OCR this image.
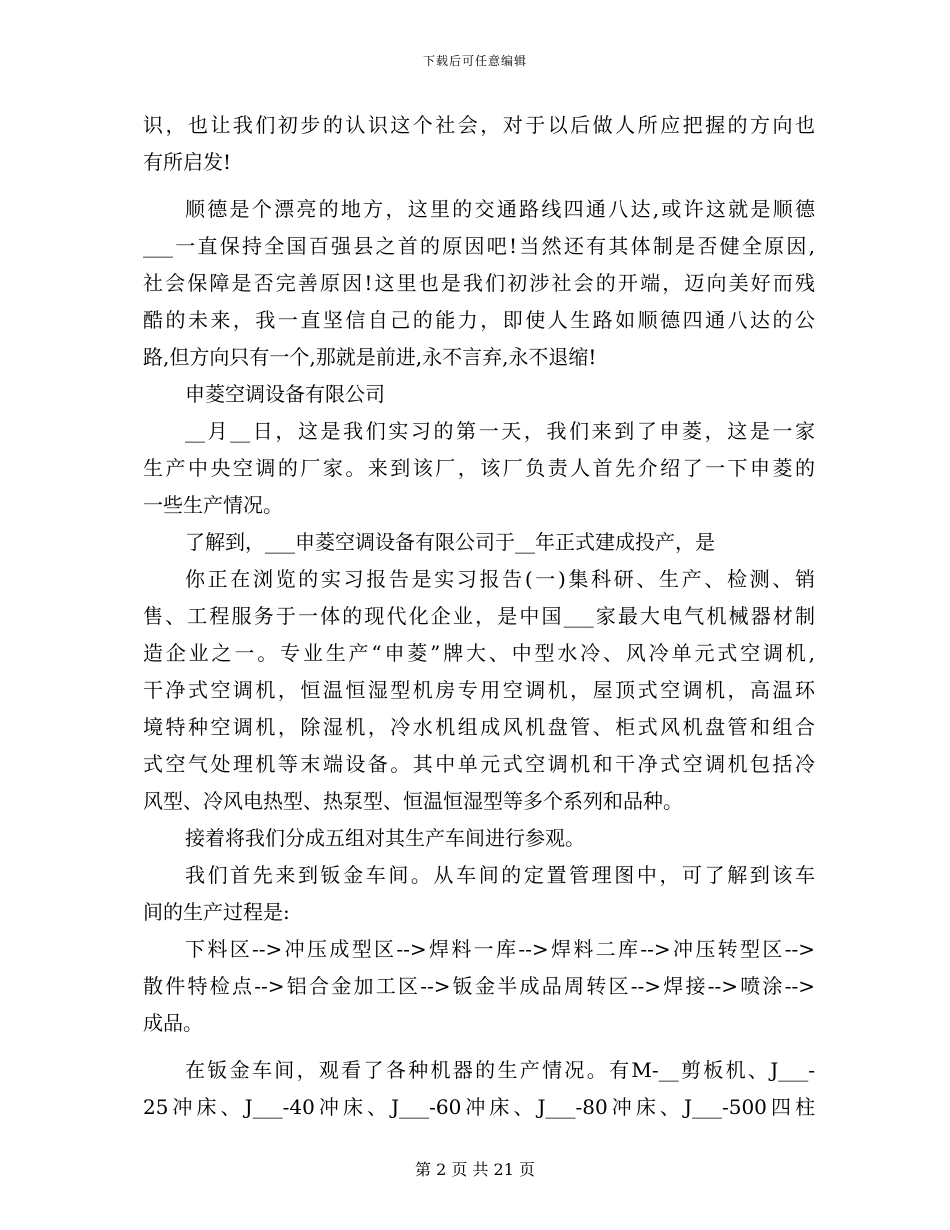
下载后可任意编辑
识，也让我们初步的认识这个社会，对于以后做人所应把握的方向也
有所启发!
顺德是个漂亮的地方，这里的交通路线四通八达,或许这就是顺德
___一直保持全国百强县之首的原因吧!当然还有其体制是否健全原因,
社会保障是否完善原因!这里也是我们初涉社会的开端，迈向美好而残
酷的未来，我一直坚信自己的能力，即使人生路如顺德四通八达的公
路,但方向只有一个,那就是前进,永不言弃,永不退缩!
申菱空调设备有限公司
__月__日，这是我们实习的第一天，我们来到了申菱，这是一家
生产中央空调的厂家。来到该厂，该厂负责人首先介绍了一下申菱的
一些生产情况。
了解到，___申菱空调设备有限公司于__年正式建成投产，是
你正在浏览的实习报告是实习报告(一)集科研、生产、检测、销
售、工程服务于一体的现代化企业，是中国___家最大电气机械器材制
造企业之一。专业生产“申菱”牌大、中型水冷、风冷单元式空调机,
干净式空调机，恒温恒湿型机房专用空调机，屋顶式空调机，高温环
境特种空调机，除湿机，冷水机组成风机盘管、柜式风机盘管和组合
式空气处理机等末端设备。其中单元式空调机和干净式空调机包括冷
风型、冷风电热型、热泵型、恒温恒湿型等多个系列和品种。
接着将我们分成五组对其生产车间进行参观。
我们首先来到钣金车间。从车间的定置管理图中，可了解到该车
间的生产过程是:
下料区-->冲压成型区-->焊料一库-->焊料二库-->冲压转型区-->
散件特检点-->铝合金加工区-->钣金半成品周转区-->焊接-->喷涂-->
成品。
在钣金车间，观看了各种机器的生产情况。有M-__剪板机、J___-
25冲床、J___-40冲床、J___-60冲床、J___-80冲床、J___-500四柱
第 2 页 共 21 页
